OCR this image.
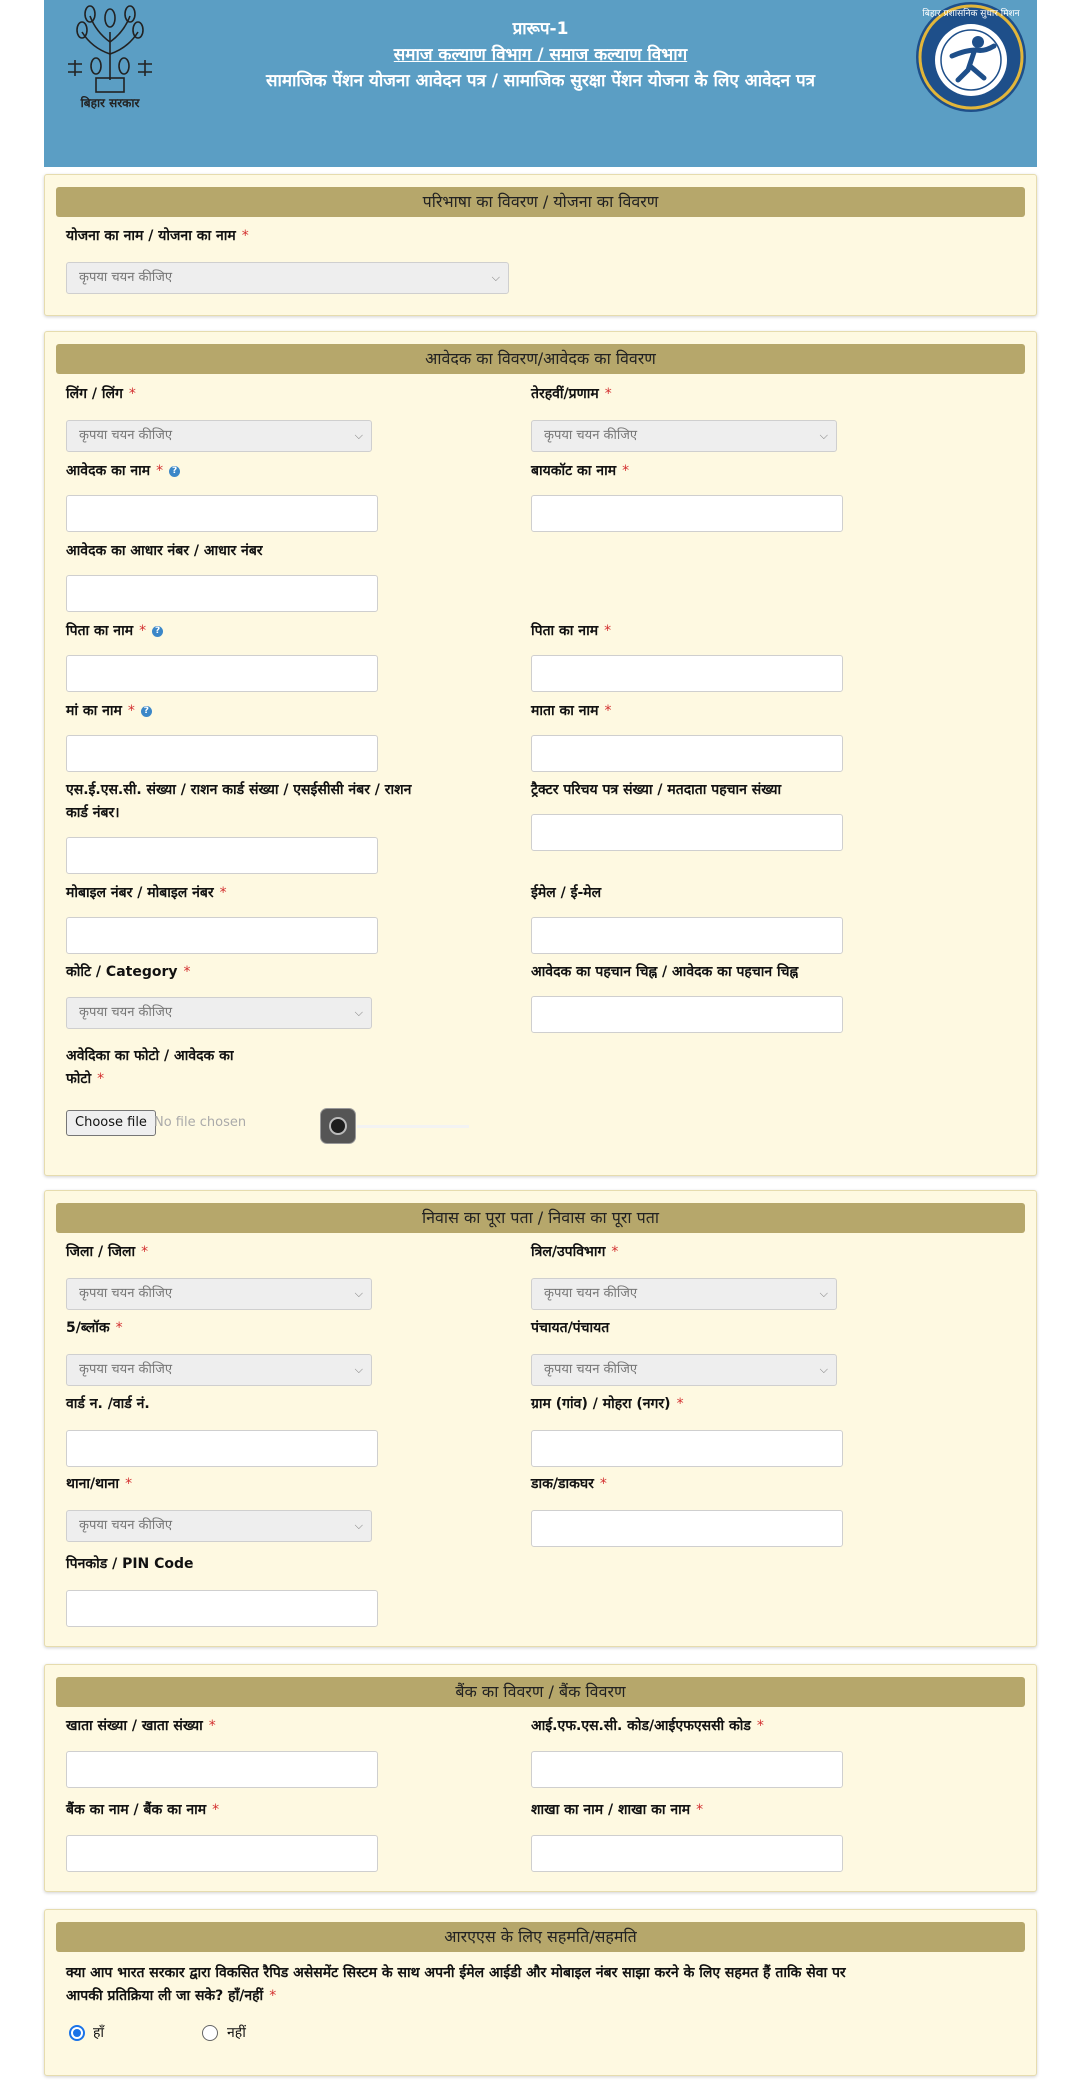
बिहार सरकार
प्रारूप-1
समाज कल्याण विभाग / समाज कल्याण विभाग
सामाजिक पेंशन योजना आवेदन पत्र / सामाजिक सुरक्षा पेंशन योजना के लिए आवेदन पत्र
बिहार प्रशासनिक सुधार मिशन
परिभाषा का विवरण / योजना का विवरण
योजना का नाम / योजना का नाम *
कृपया चयन कीजिए	⌵
आवेदक का विवरण/आवेदक का विवरण
लिंग / लिंग *
कृपया चयन कीजिए	⌵
तेरहवीं/प्रणाम *
कृपया चयन कीजिए	⌵
आवेदक का नाम * ?	बायकॉट का नाम *
आवेदक का आधार नंबर / आधार नंबर
पिता का नाम * ?	पिता का नाम *
मां का नाम * ?	माता का नाम *
एस.ई.एस.सी. संख्या / राशन कार्ड संख्या / एसईसीसी नंबर / राशन
कार्ड नंबर।
ट्रैक्टर परिचय पत्र संख्या / मतदाता पहचान संख्या
मोबाइल नंबर / मोबाइल नंबर *	ईमेल / ई-मेल
कोटि / Category *
कृपया चयन कीजिए	⌵
आवेदक का पहचान चिह्न / आवेदक का पहचान चिह्न
अवेदिका का फोटो / आवेदक का
फोटो *
Choose file No file chosen
निवास का पूरा पता / निवास का पूरा पता
जिला / जिला *
कृपया चयन कीजिए	⌵
त्रिल/उपविभाग *
कृपया चयन कीजिए	⌵
5/ब्लॉक *
कृपया चयन कीजिए	⌵
पंचायत/पंचायत
कृपया चयन कीजिए	⌵
वार्ड न. /वार्ड नं.	ग्राम (गांव) / मोहरा (नगर) *
थाना/थाना *
कृपया चयन कीजिए	⌵
डाक/डाकघर *
पिनकोड / PIN Code
बैंक का विवरण / बैंक विवरण
खाता संख्या / खाता संख्या *	आई.एफ.एस.सी. कोड/आईएफएससी कोड *
बैंक का नाम / बैंक का नाम *	शाखा का नाम / शाखा का नाम *
आरएएस के लिए सहमति/सहमति
क्या आप भारत सरकार द्वारा विकसित रैपिड असेसमेंट सिस्टम के साथ अपनी ईमेल आईडी और मोबाइल नंबर साझा करने के लिए सहमत हैं ताकि सेवा पर
आपकी प्रतिक्रिया ली जा सके? हाँ/नहीं *
हाँ	नहीं
